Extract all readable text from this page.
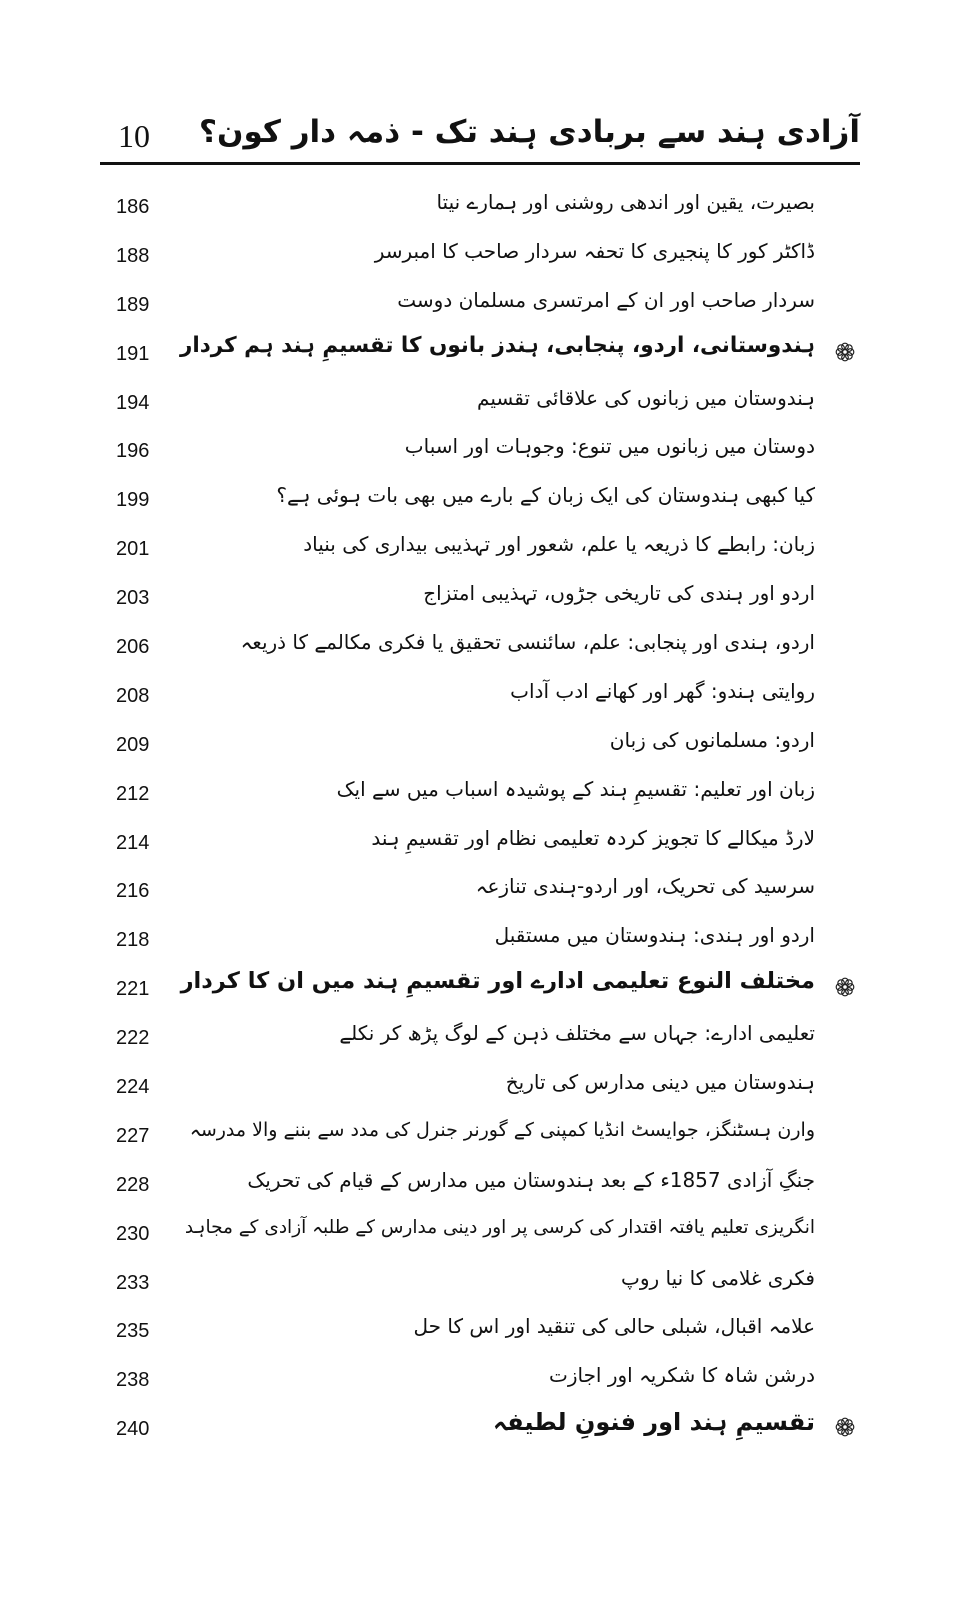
10 آزادی ہند سے بربادی ہند تک - ذمہ دار کون؟
186	بصیرت، یقین اور اندھی روشنی اور ہمارے نیتا
188	ڈاکٹر کور کا پنجیری کا تحفہ سردار صاحب کا امبرسر
189	سردار صاحب اور ان کے امرتسری مسلمان دوست
191 ہندوستانی، اردو، پنجابی، ہندز بانوں کا تقسیمِ ہند ہم کردار
194	ہندوستان میں زبانوں کی علاقائی تقسیم
196	دوستان میں زبانوں میں تنوع: وجوہات اور اسباب
199	کیا کبھی ہندوستان کی ایک زبان کے بارے میں بھی بات ہوئی ہے؟
201	زبان: رابطے کا ذریعہ یا علم، شعور اور تہذیبی بیداری کی بنیاد
203	اردو اور ہندی کی تاریخی جڑوں، تہذیبی امتزاج
206	اردو، ہندی اور پنجابی: علم، سائنسی تحقیق یا فکری مکالمے کا ذریعہ
208	روایتی ہندو: گھر اور کھانے ادب آداب
209	اردو: مسلمانوں کی زبان
212	زبان اور تعلیم: تقسیمِ ہند کے پوشیدہ اسباب میں سے ایک
214	لارڈ میکالے کا تجویز کردہ تعلیمی نظام اور تقسیمِ ہند
216	سرسید کی تحریک، اور اردو-ہندی تنازعہ
218	اردو اور ہندی: ہندوستان میں مستقبل
221 مختلف النوع تعلیمی ادارے اور تقسیمِ ہند میں ان کا کردار
222	تعلیمی ادارے: جہاں سے مختلف ذہن کے لوگ پڑھ کر نکلے
224	ہندوستان میں دینی مدارس کی تاریخ
227 وارن ہسٹنگز، جوایسٹ انڈیا کمپنی کے گورنر جنرل کی مدد سے بننے والا مدرسہ
228	جنگِ آزادی 1857ء کے بعد ہندوستان میں مدارس کے قیام کی تحریک
230 انگریزی تعلیم یافتہ اقتدار کی کرسی پر اور دینی مدارس کے طلبہ آزادی کے مجاہد
233	فکری غلامی کا نیا روپ
235	علامہ اقبال، شبلی حالی کی تنقید اور اس کا حل
238	درشن شاہ کا شکریہ اور اجازت
240	تقسیمِ ہند اور فنونِ لطیفہ
